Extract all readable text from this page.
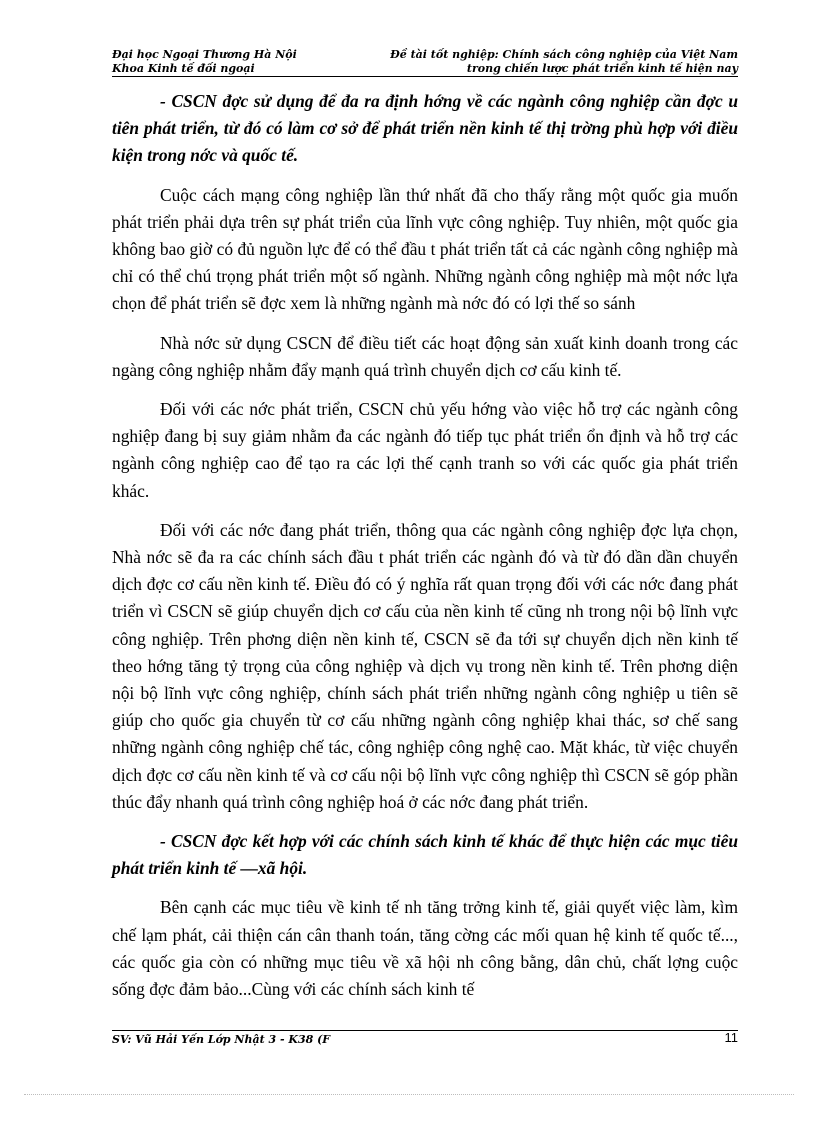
Đại học Ngoại Thương Hà Nội	Đề tài tốt nghiệp: Chính sách công nghiệp của Việt Nam
Khoa Kinh tế đối ngoại	trong chiến lược phát triển kinh tế hiện nay

- CSCN đợc sử dụng để đa ra định hớng về các ngành công nghiệp cần đợc u tiên phát triển, từ đó có làm cơ sở để phát triển nền kinh tế thị trờng phù hợp với điều kiện trong nớc và quốc tế.

Cuộc cách mạng công nghiệp lần thứ nhất đã cho thấy rằng một quốc gia muốn phát triển phải dựa trên sự phát triển của lĩnh vực công nghiệp. Tuy nhiên, một quốc gia không bao giờ có đủ nguồn lực để có thể đầu t phát triển tất cả các ngành công nghiệp mà chỉ có thể chú trọng phát triển một số ngành. Những ngành công nghiệp mà một nớc lựa chọn để phát triển sẽ đợc xem là những ngành mà nớc đó có lợi thế so sánh

Nhà nớc sử dụng CSCN để điều tiết các hoạt động sản xuất kinh doanh trong các ngàng công nghiệp nhằm đẩy mạnh quá trình chuyển dịch cơ cấu kinh tế.

Đối với các nớc phát triển, CSCN chủ yếu hớng vào việc hỗ trợ các ngành công nghiệp đang bị suy giảm nhằm đa các ngành đó tiếp tục phát triển ổn định và hỗ trợ các ngành công nghiệp cao để tạo ra các lợi thế cạnh tranh so với các quốc gia phát triển khác.

Đối với các nớc đang phát triển, thông qua các ngành công nghiệp đợc lựa chọn, Nhà nớc sẽ đa ra các chính sách đầu t phát triển các ngành đó và từ đó dần dần chuyển dịch đợc cơ cấu nền kinh tế. Điều đó có ý nghĩa rất quan trọng đối với các nớc đang phát triển vì CSCN sẽ giúp chuyển dịch cơ cấu của nền kinh tế cũng nh trong nội bộ lĩnh vực công nghiệp. Trên phơng diện nền kinh tế, CSCN sẽ đa tới sự chuyển dịch nền kinh tế theo hớng tăng tỷ trọng của công nghiệp và dịch vụ trong nền kinh tế. Trên phơng diện nội bộ lĩnh vực công nghiệp, chính sách phát triển những ngành công nghiệp u tiên sẽ giúp cho quốc gia chuyển từ cơ cấu những ngành công nghiệp khai thác, sơ chế sang những ngành công nghiệp chế tác, công nghiệp công nghệ cao. Mặt khác, từ việc chuyển dịch đợc cơ cấu nền kinh tế và cơ cấu nội bộ lĩnh vực công nghiệp thì CSCN sẽ góp phần thúc đẩy nhanh quá trình công nghiệp hoá ở các nớc đang phát triển.

- CSCN đợc kết hợp với các chính sách kinh tế khác để thực hiện các mục tiêu phát triển kinh tế —xã hội.

Bên cạnh các mục tiêu về kinh tế nh tăng trởng kinh tế, giải quyết việc làm, kìm chế lạm phát, cải thiện cán cân thanh toán, tăng cờng các mối quan hệ kinh tế quốc tế..., các quốc gia còn có những mục tiêu về xã hội nh công bằng, dân chủ, chất lợng cuộc sống đợc đảm bảo...Cùng với các chính sách kinh tế

SV: Vũ Hải Yến Lớp Nhật 3 - K38 (F	11
